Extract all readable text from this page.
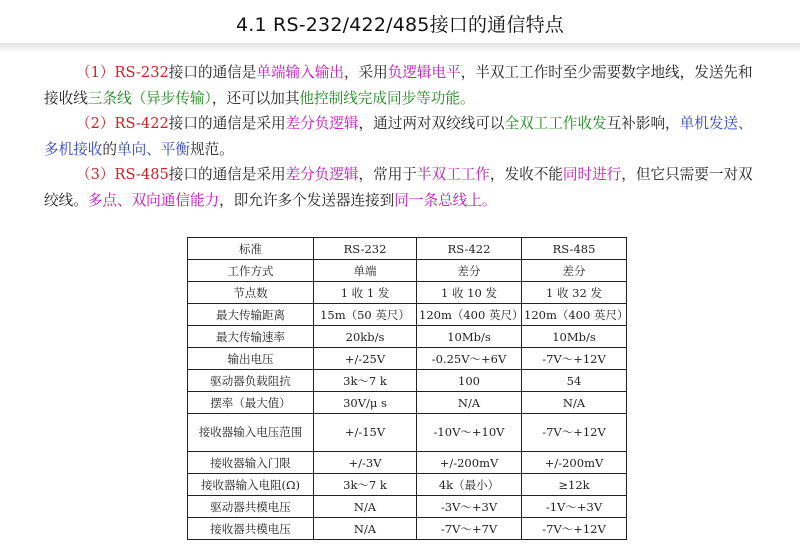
4.1 RS-232/422/485接口的通信特点

（1）RS-232接口的通信是单端输入输出，采用负逻辑电平，半双工工作时至少需要数字地线，发送先和接收线三条线（异步传输），还可以加其他控制线完成同步等功能。

（2）RS-422接口的通信是采用差分负逻辑，通过两对双绞线可以全双工工作收发互补影响，单机发送、多机接收的单向、平衡规范。

（3）RS-485接口的通信是采用差分负逻辑，常用于半双工工作，发收不能同时进行，但它只需要一对双绞线。多点、双向通信能力，即允许多个发送器连接到同一条总线上。

标准	RS-232	RS-422	RS-485
工作方式	单端	差分	差分
节点数	1 收 1 发	1 收 10 发	1 收 32 发
最大传输距离	15m（50 英尺）	120m（400 英尺）	120m（400 英尺）
最大传输速率	20kb/s	10Mb/s	10Mb/s
输出电压	+/-25V	-0.25V～+6V	-7V～+12V
驱动器负载阻抗	3k～7 k	100	54
摆率（最大值）	30V/μ s	N/A	N/A
接收器输入电压范围	+/-15V	-10V～+10V	-7V～+12V
接收器输入门限	+/-3V	+/-200mV	+/-200mV
接收器输入电阻(Ω)	3k～7 k	4k（最小）	≥12k
驱动器共模电压	N/A	-3V～+3V	-1V～+3V
接收器共模电压	N/A	-7V～+7V	-7V～+12V
